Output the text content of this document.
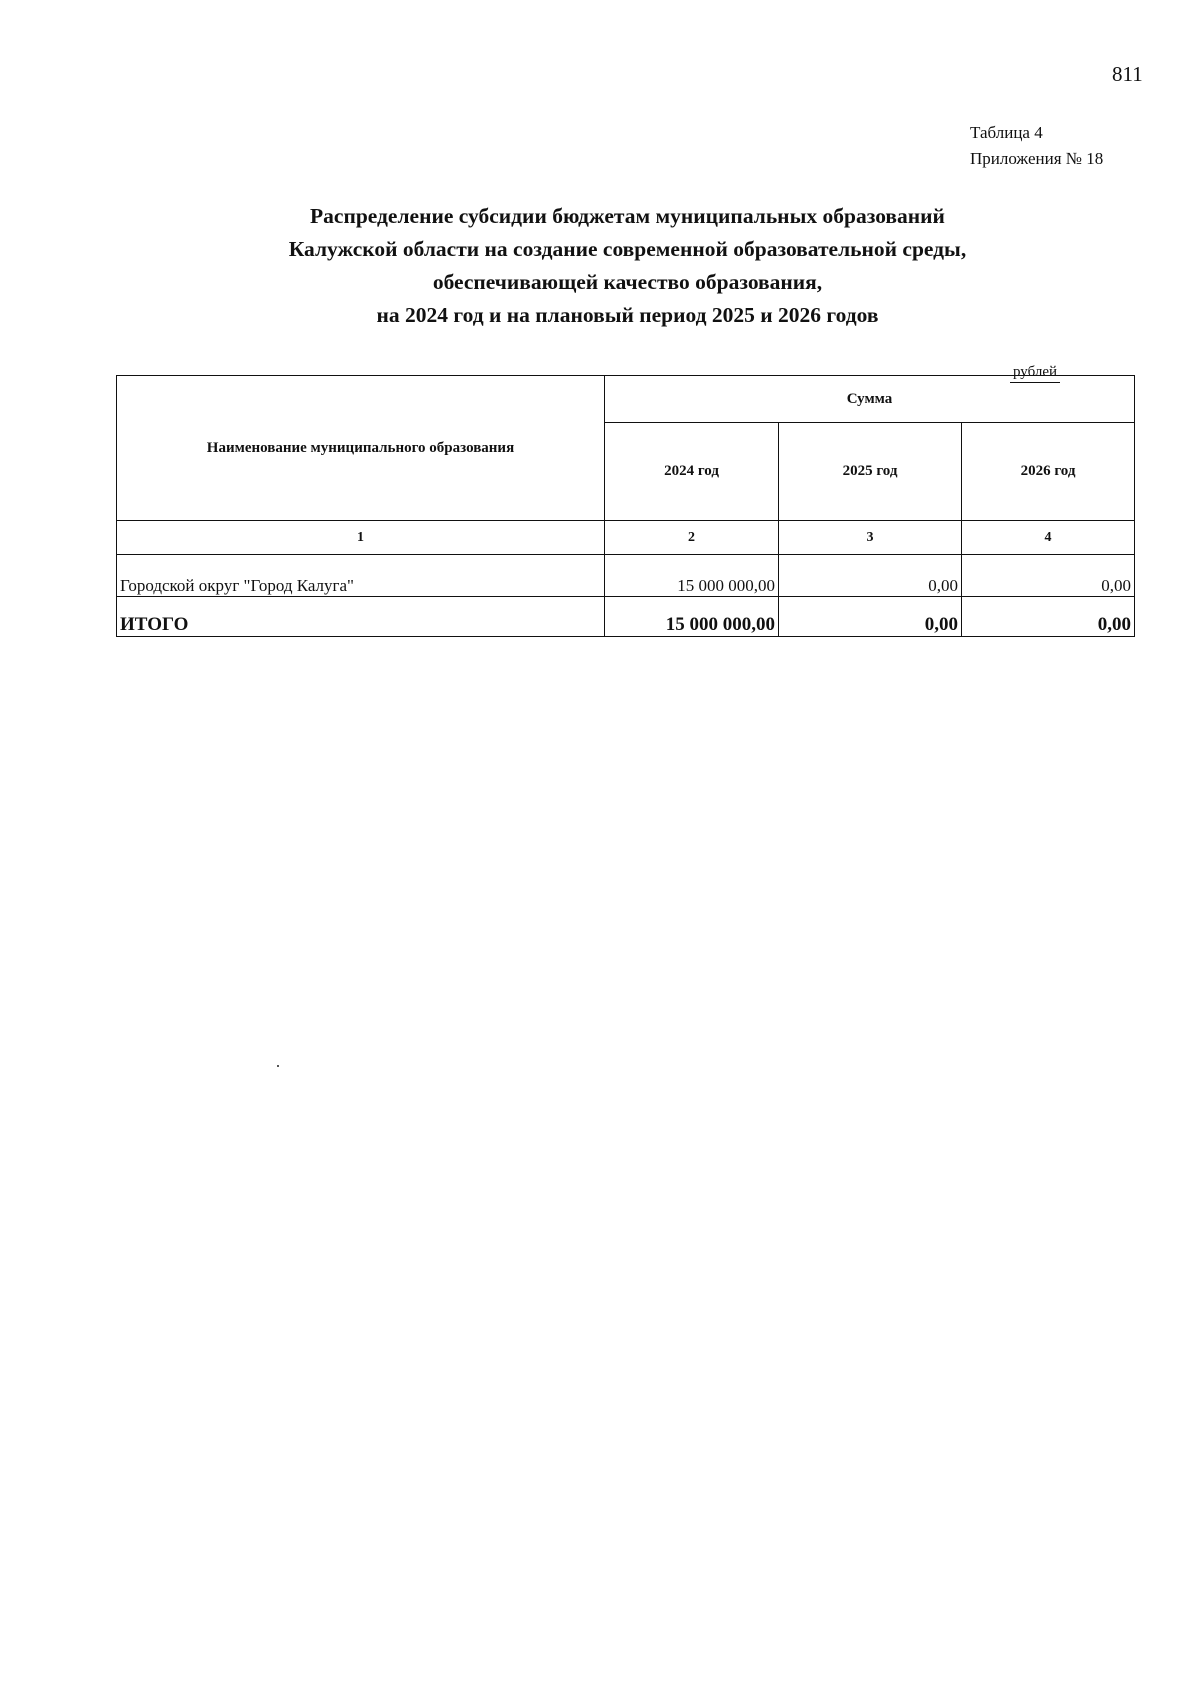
811
Таблица 4
Приложения № 18
Распределение субсидии бюджетам муниципальных образований
Калужской области на создание современной образовательной среды,
обеспечивающей качество образования,
на 2024 год и на плановый период 2025 и 2026 годов
рублей
Наименование муниципального образования	Сумма		
	2024 год	2025 год	2026 год
1	2	3	4
Городской округ "Город Калуга"	15 000 000,00	0,00	0,00
ИТОГО	15 000 000,00	0,00	0,00
